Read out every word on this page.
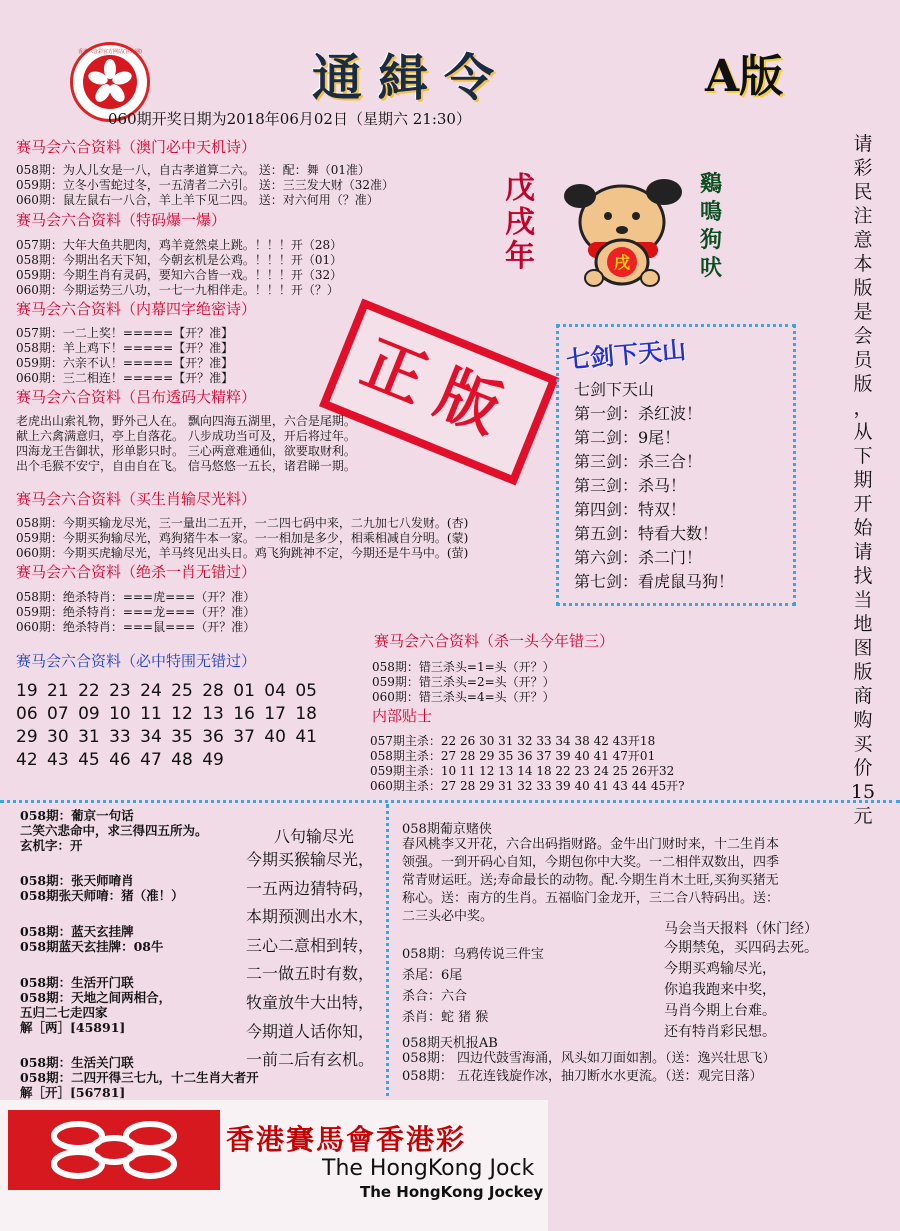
香港六合彩官方网站(官方网)	通緝令	A版
060期开奖日期为2018年06月02日（星期六 21:30）
请
彩
民
注
意
本
版
是
会
员
版
，
从
下
期
开
始
请
找
当
地
图
版
商
购
买
价
15
元
赛马会六合资料（澳门必中天机诗）
058期：为人儿女是一八，自古孝道算二六。 送：配：舞（01准）
059期：立冬小雪蛇过冬，一五清者二六引。 送：三三发大财（32准）
060期：鼠左鼠右一八合，羊上羊下见二四。 送：对六何用（？准）
赛马会六合资料（特码爆一爆）
057期：大年大鱼共肥肉，鸡羊竟然桌上跳。！！！开（28）
058期：今期出名天下知，今朝玄机是公鸡。！！！开（01）
059期：今期生肖有灵码，要知六合皆一戏。！！！开（32）
060期：今期运势三八功，一七一九相伴走。！！！开（？）
赛马会六合资料（内幕四字绝密诗）
057期：一二上奖！=====【开？准】
058期：羊上鸡下！=====【开？准】
059期：六亲不认！=====【开？准】
060期：三二相连！=====【开？准】
赛马会六合资料（吕布透码大精粹）
老虎出山索礼物，野外己人在。 飘向四海五湖里，六合是尾期。
献上六禽满意归，亭上自落花。 八步成功当可及，开后将过年。
四海龙王告御状，形单影只时。 三心两意难通仙，欲要取财利。
出个毛猴不安宁，自由自在飞。 信马悠悠一五长，诸君睇一期。
正版
赛马会六合资料（买生肖输尽光料）
058期：今期买输龙尽光，三一量出二五开，一二四七码中来，二九加七八发财。(杏)
059期：今期买狗输尽光，鸡狗猪牛本一家。一一相加是多少，相乘相减自分明。(蒙)
060期：今期买虎输尽光，羊马终见出头日。鸡飞狗跳神不定，今期还是牛马中。(萤)
赛马会六合资料（绝杀一肖无错过）
058期：绝杀特肖：===虎===（开？准）
059期：绝杀特肖：===龙===（开？准）
060期：绝杀特肖：===鼠===（开？准）
赛马会六合资料（必中特围无错过）
19 21 22 23 24 25 28 01 04 05
06 07 09 10 11 12 13 16 17 18
29 30 31 33 34 35 36 37 40 41
42 43 45 46 47 48 49
戊
戌
年	戌
鷄
鳴
狗
吠
七剑下天山
七剑下天山
第一剑：杀红波！
第二剑：9尾！
第三剑：杀三合！
第三剑：杀马！
第四剑：特双！
第五剑：特看大数！
第六剑：杀二门！
第七剑：看虎鼠马狗！
赛马会六合资料（杀一头今年错三）
058期：错三杀头=1=头（开？）
059期：错三杀头=2=头（开？）
060期：错三杀头=4=头（开？）
内部贴士
057期主杀：22 26 30 31 32 33 34 38 42 43开18
058期主杀：27 28 29 35 36 37 39 40 41 47开01
059期主杀：10 11 12 13 14 18 22 23 24 25 26开32
060期主杀：27 28 29 31 32 33 39 40 41 43 44 45开?
058期：葡京一句话
二笑六悲命中，求三得四五所为。
玄机字：开
058期：张天师唷肖
058期张天师唷：猪（准！）
058期：蓝天玄挂牌
058期蓝天玄挂牌：08牛
058期：生活开门联
058期：天地之间两相合，
五归二七走四家
解［两］[45891]
058期：生活关门联
058期：二四开得三七九，十二生肖大者开
解［开］[56781]
八句输尽光
今期买猴输尽光，
一五两边猜特码，
本期预测出水木，
三心二意相到转，
二一做五时有数，
牧童放牛大出特，
今期道人话你知，
一前二后有玄机。
058期葡京赌侠
春风桃李又开花，六合出码指财路。金牛出门财时来，十二生肖本
领强。一到开码心自知，今期包你中大奖。一二相伴双数出，四季
常青财运旺。送;寿命最长的动物。配.今期生肖木土旺,买狗买猪无
称心。送：南方的生肖。五福临门金龙开，三二合八特码出。送：
二三头必中奖。
马会当天报料（休门经）
今期禁兔，买四码去死。
今期买鸡输尽光，
你追我跑来中奖，
马肖今期上台难。
还有特肖彩民想。
058期：乌鸦传说三件宝
杀尾：6尾
杀合：六合
杀肖：蛇 猪 猴
058期天机报AB
058期： 四边代鼓雪海涌，风头如刀面如割。（送：逸兴壮思飞）
058期： 五花连钱旋作冰，抽刀断水水更流。（送：观完日落）
香港賽馬會香港彩
The HongKong Jock
The HongKong Jockey
